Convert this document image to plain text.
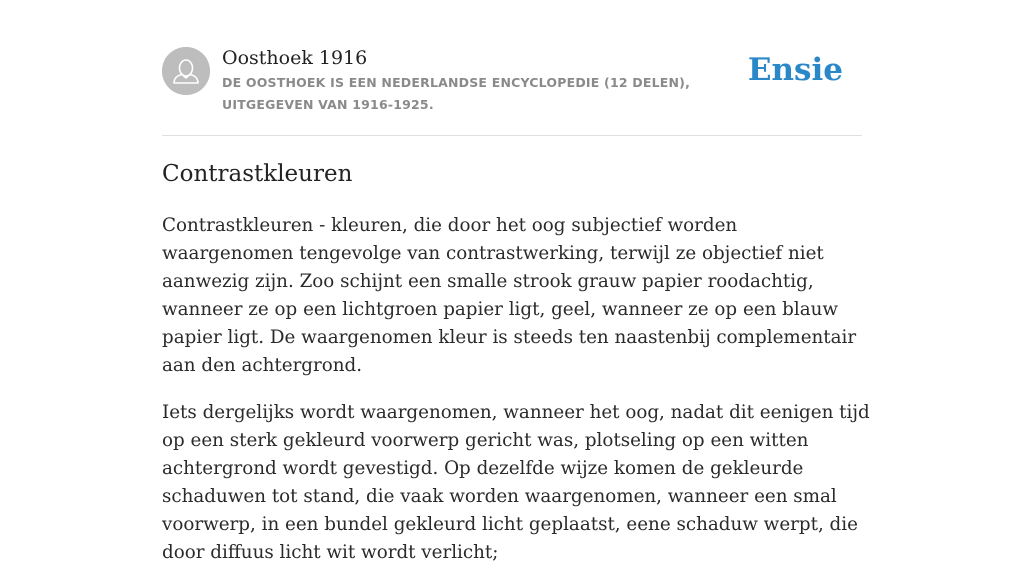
Oosthoek 1916
DE OOSTHOEK IS EEN NEDERLANDSE ENCYCLOPEDIE (12 DELEN), UITGEGEVEN VAN 1916-1925.
Ensie
Contrastkleuren

Contrastkleuren - kleuren, die door het oog subjectief worden waargenomen tengevolge van contrastwerking, terwijl ze objectief niet aanwezig zijn. Zoo schijnt een smalle strook grauw papier roodachtig, wanneer ze op een lichtgroen papier ligt, geel, wanneer ze op een blauw papier ligt. De waargenomen kleur is steeds ten naastenbij complementair aan den achtergrond.

Iets dergelijks wordt waargenomen, wanneer het oog, nadat dit eenigen tijd op een sterk gekleurd voorwerp gericht was, plotseling op een witten achtergrond wordt gevestigd. Op dezelfde wijze komen de gekleurde schaduwen tot stand, die vaak worden waargenomen, wanneer een smal voorwerp, in een bundel gekleurd licht geplaatst, eene schaduw werpt, die door diffuus licht wit wordt verlicht;
